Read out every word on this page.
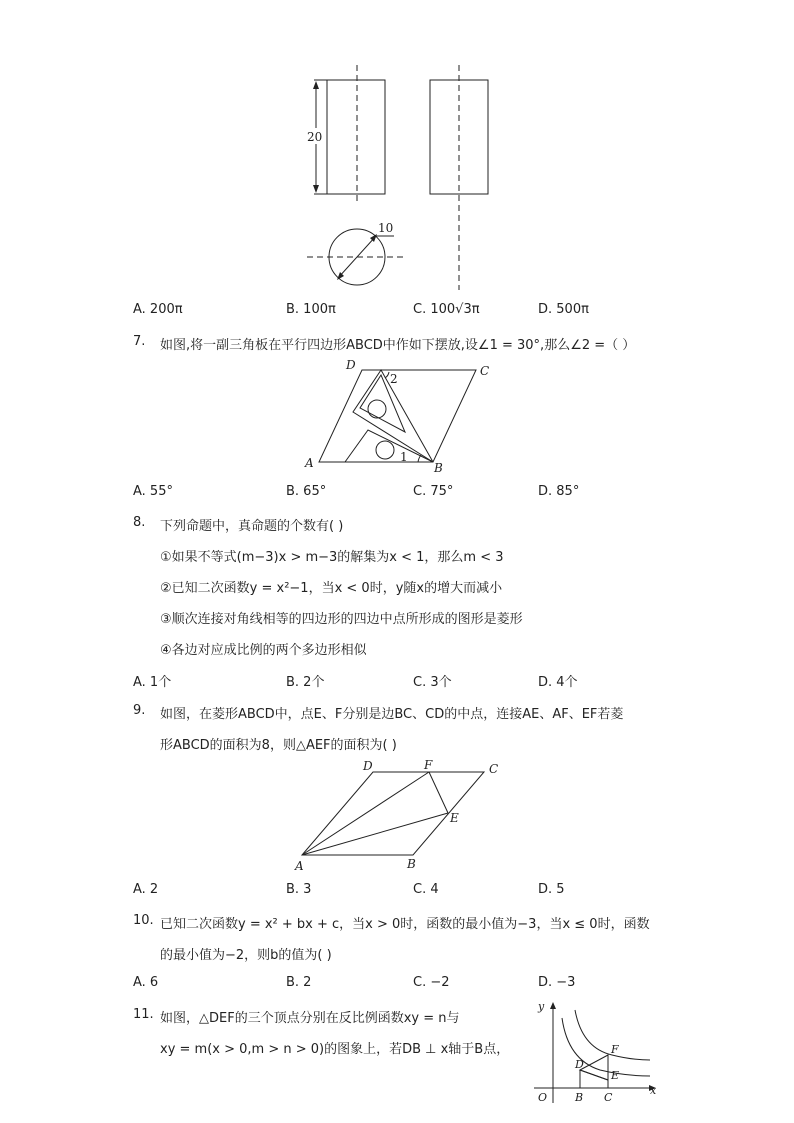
20
10
A. 200π	B. 100π	C. 100√3π	D. 500π
7. 如图,将一副三角板在平行四边形ABCD中作如下摆放,设∠1 = 30°,那么∠2 =（ ）
D	C
A	B
1
2
A. 55°	B. 65°	C. 75°	D. 85°
8. 下列命题中，真命题的个数有( )
①如果不等式(m−3)x > m−3的解集为x < 1，那么m < 3
②已知二次函数y = x²−1，当x < 0时，y随x的增大而减小
③顺次连接对角线相等的四边形的四边中点所形成的图形是菱形
④各边对应成比例的两个多边形相似
A. 1个	B. 2个	C. 3个	D. 4个
9. 如图，在菱形ABCD中，点E、F分别是边BC、CD的中点，连接AE、AF、EF若菱
形ABCD的面积为8，则△AEF的面积为( )
A	B
C
D
E
F
A. 2	B. 3	C. 4	D. 5
10. 已知二次函数y = x² + bx + c，当x > 0时，函数的最小值为−3，当x ≤ 0时，函数
的最小值为−2，则b的值为( )
A. 6	B. 2	C. −2	D. −3
11. 如图，△DEF的三个顶点分别在反比例函数xy = n与
xy = m(x > 0,m > n > 0)的图象上，若DB ⊥ x轴于B点，
y
x
O	B C
D
E
F
